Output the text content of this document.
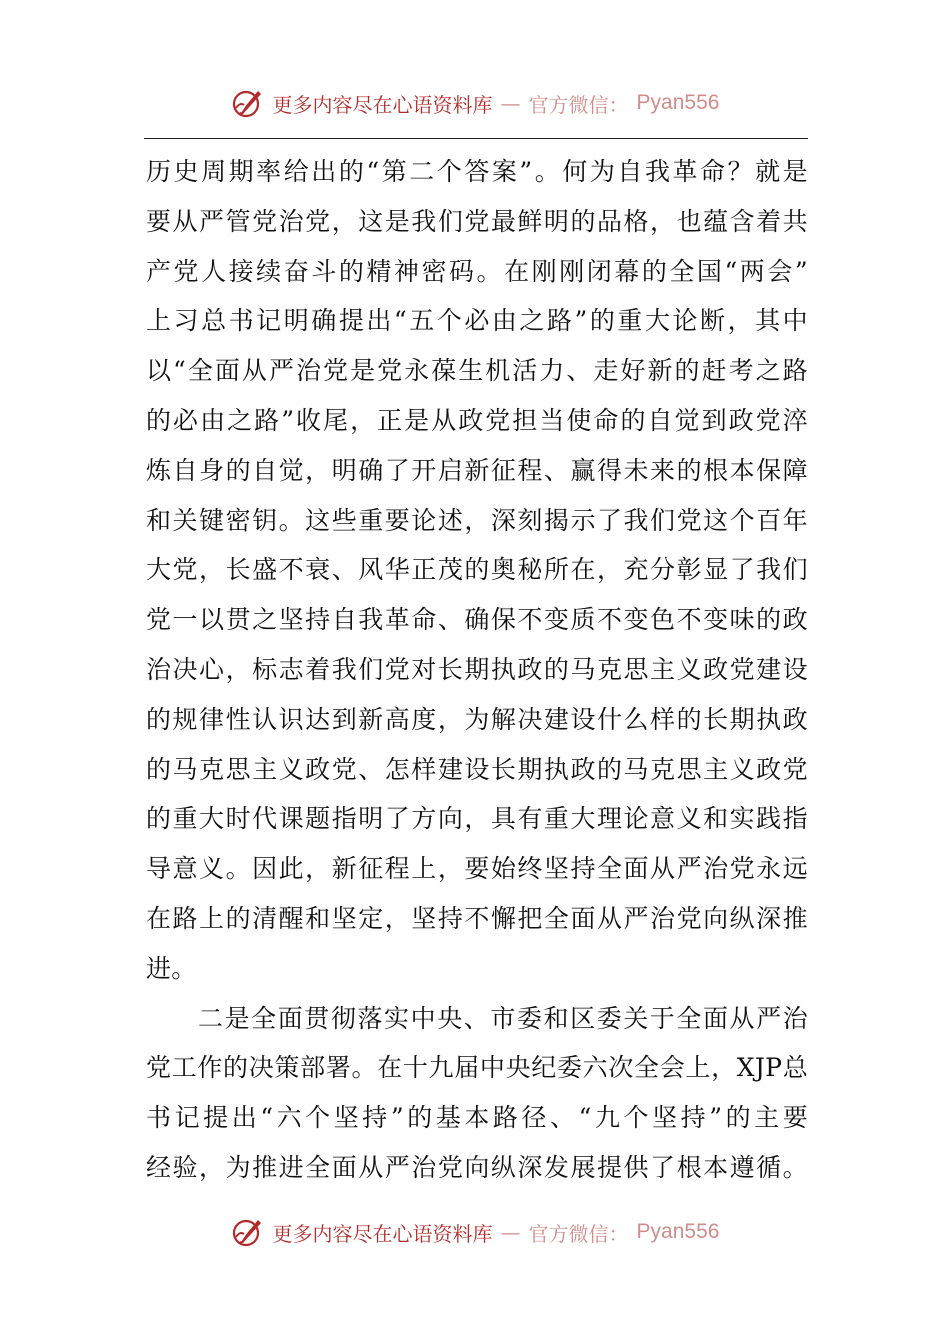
更多内容尽在心语资料库 — 官方微信： Pyan556
历史周期率给出的“第二个答案”。何为自我革命？就是
要从严管党治党，这是我们党最鲜明的品格，也蕴含着共
产党人接续奋斗的精神密码。在刚刚闭幕的全国“两会”
上习总书记明确提出“五个必由之路”的重大论断，其中
以“全面从严治党是党永葆生机活力、走好新的赶考之路
的必由之路”收尾，正是从政党担当使命的自觉到政党淬
炼自身的自觉，明确了开启新征程、赢得未来的根本保障
和关键密钥。这些重要论述，深刻揭示了我们党这个百年
大党，长盛不衰、风华正茂的奥秘所在，充分彰显了我们
党一以贯之坚持自我革命、确保不变质不变色不变味的政
治决心，标志着我们党对长期执政的马克思主义政党建设
的规律性认识达到新高度，为解决建设什么样的长期执政
的马克思主义政党、怎样建设长期执政的马克思主义政党
的重大时代课题指明了方向，具有重大理论意义和实践指
导意义。因此，新征程上，要始终坚持全面从严治党永远
在路上的清醒和坚定，坚持不懈把全面从严治党向纵深推
进。
二是全面贯彻落实中央、市委和区委关于全面从严治
党工作的决策部署。在十九届中央纪委六次全会上，XJP总
书记提出“六个坚持”的基本路径、“九个坚持”的主要
经验，为推进全面从严治党向纵深发展提供了根本遵循。
更多内容尽在心语资料库 — 官方微信： Pyan556
